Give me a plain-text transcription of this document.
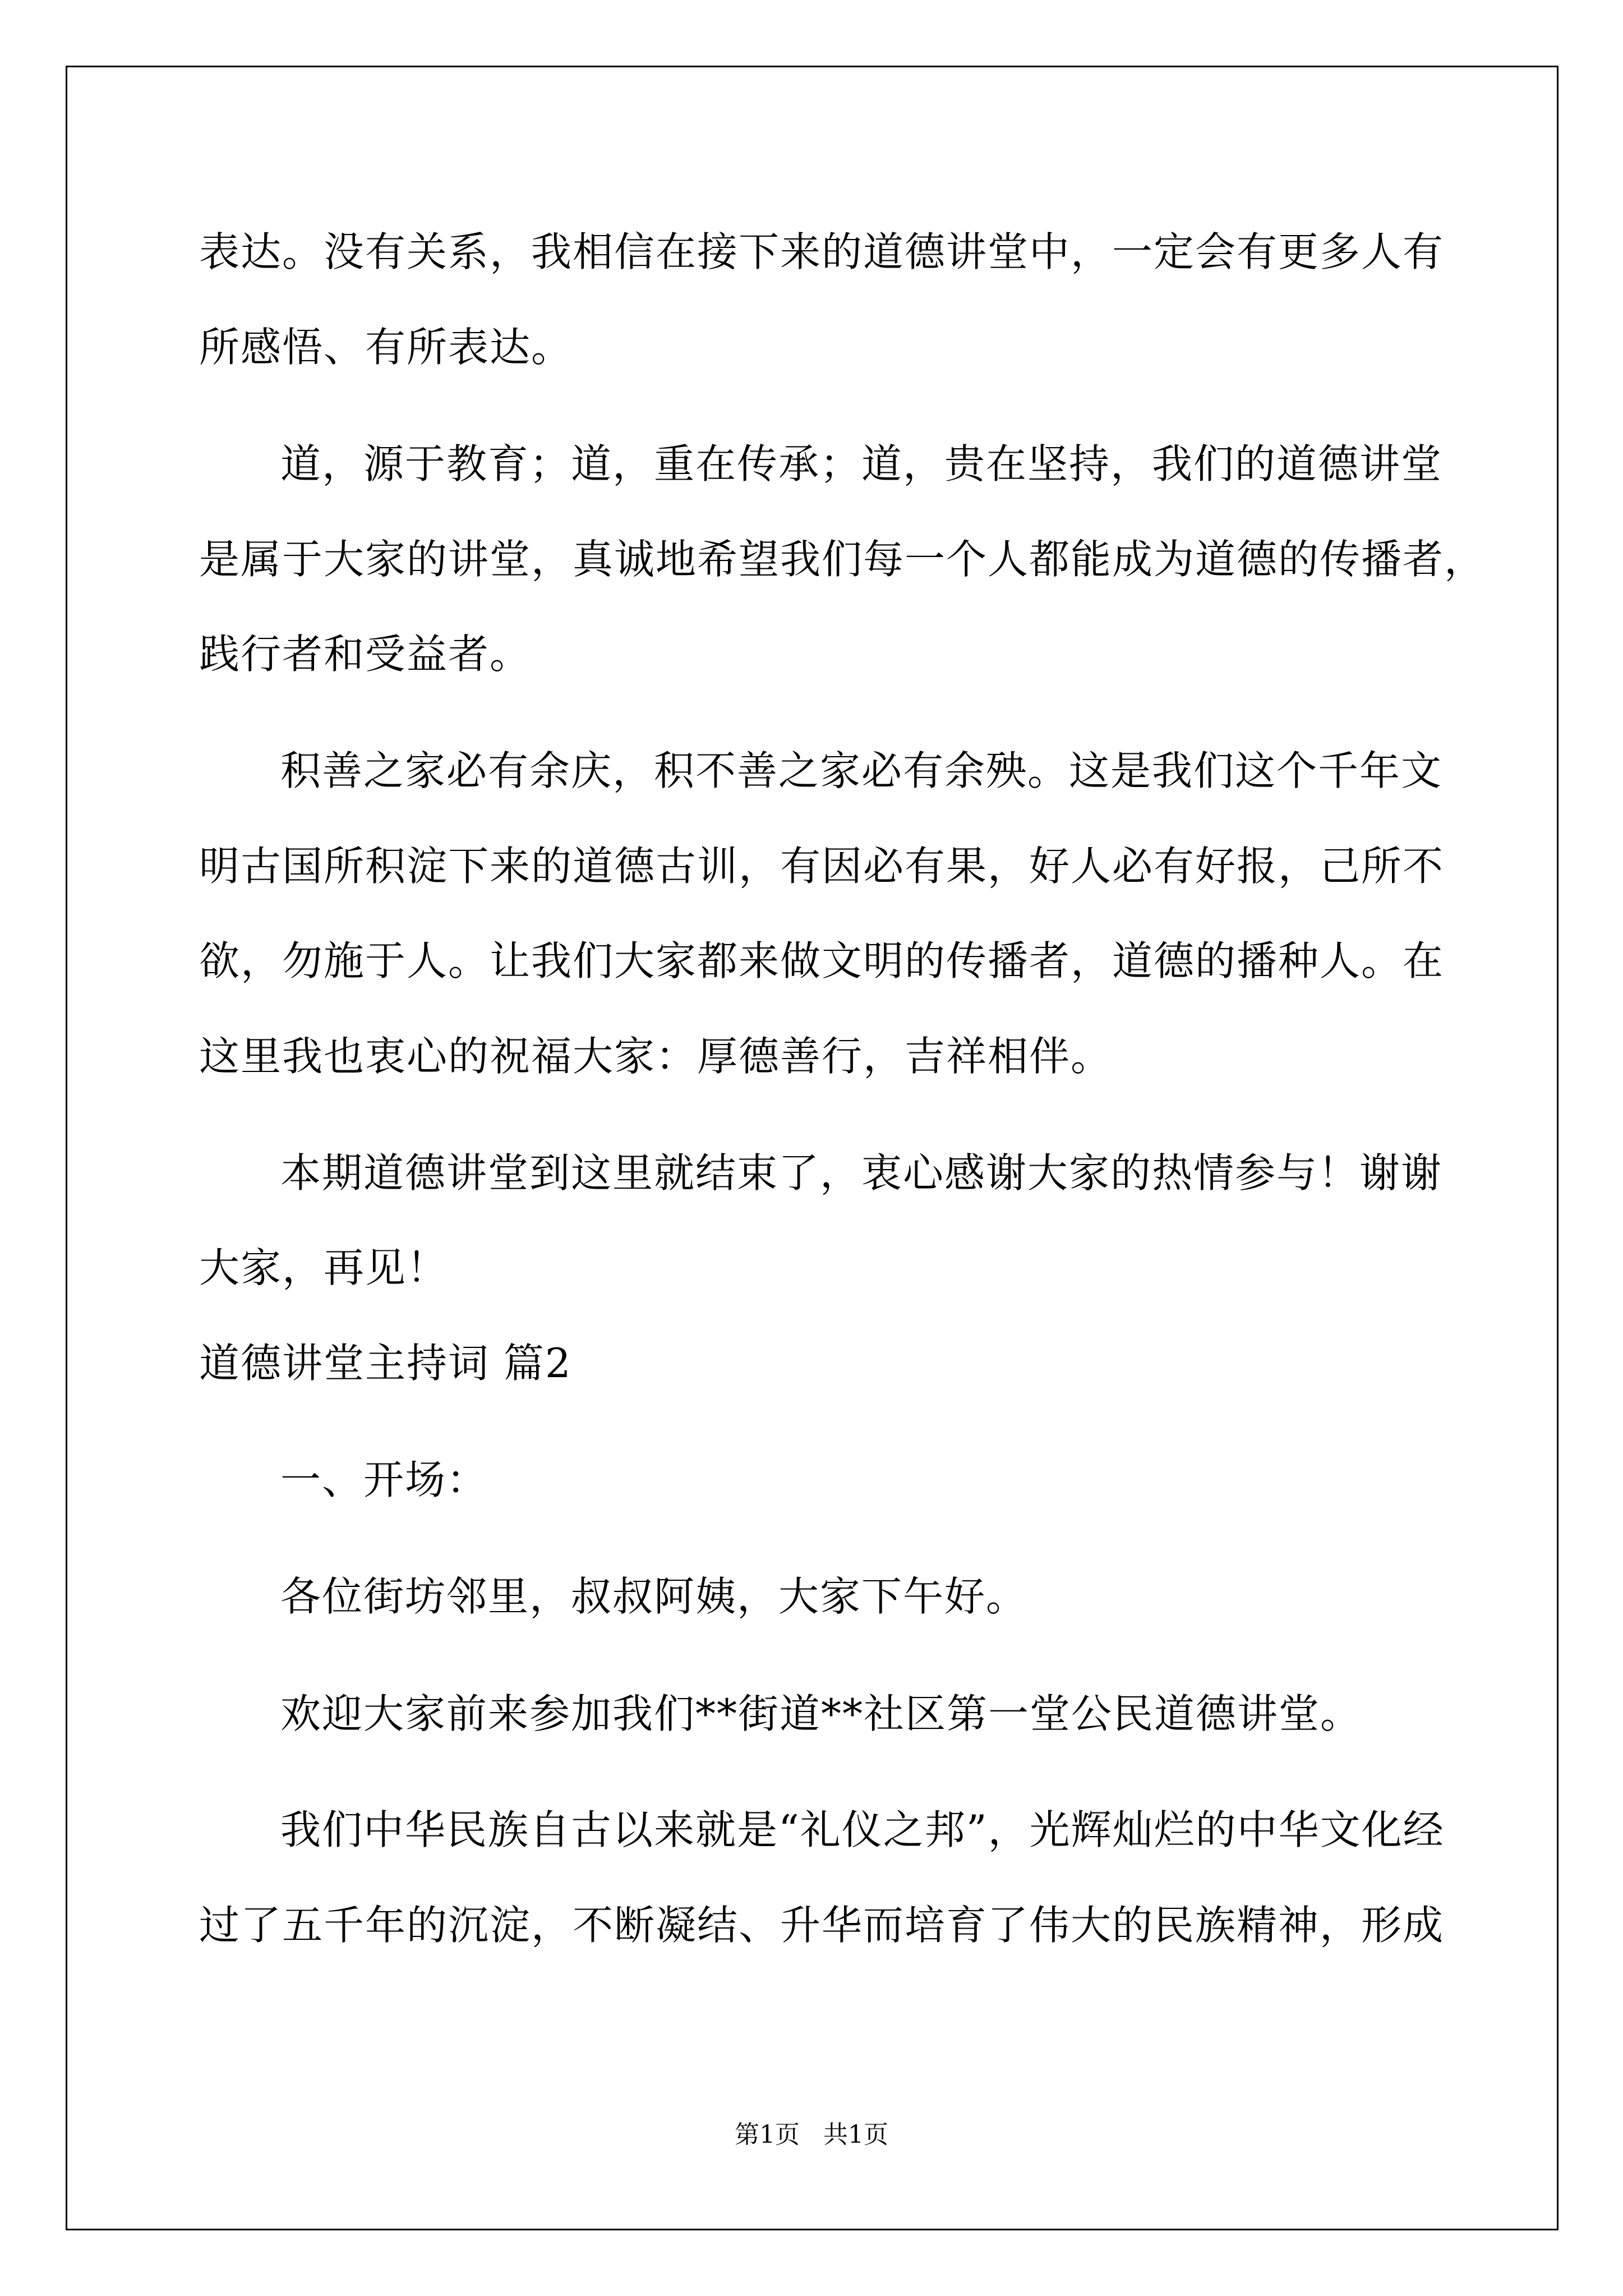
表达。没有关系，我相信在接下来的道德讲堂中，一定会有更多人有

所感悟、有所表达。

道，源于教育；道，重在传承；道，贵在坚持，我们的道德讲堂

是属于大家的讲堂，真诚地希望我们每一个人都能成为道德的传播者，

践行者和受益者。

积善之家必有余庆，积不善之家必有余殃。这是我们这个千年文

明古国所积淀下来的道德古训，有因必有果，好人必有好报，己所不

欲，勿施于人。让我们大家都来做文明的传播者，道德的播种人。在

这里我也衷心的祝福大家：厚德善行，吉祥相伴。

本期道德讲堂到这里就结束了，衷心感谢大家的热情参与！谢谢

大家，再见！

道德讲堂主持词 篇2

一、开场：

各位街坊邻里，叔叔阿姨，大家下午好。

欢迎大家前来参加我们**街道**社区第一堂公民道德讲堂。

我们中华民族自古以来就是“礼仪之邦”，光辉灿烂的中华文化经

过了五千年的沉淀，不断凝结、升华而培育了伟大的民族精神，形成

第1页   共1页
